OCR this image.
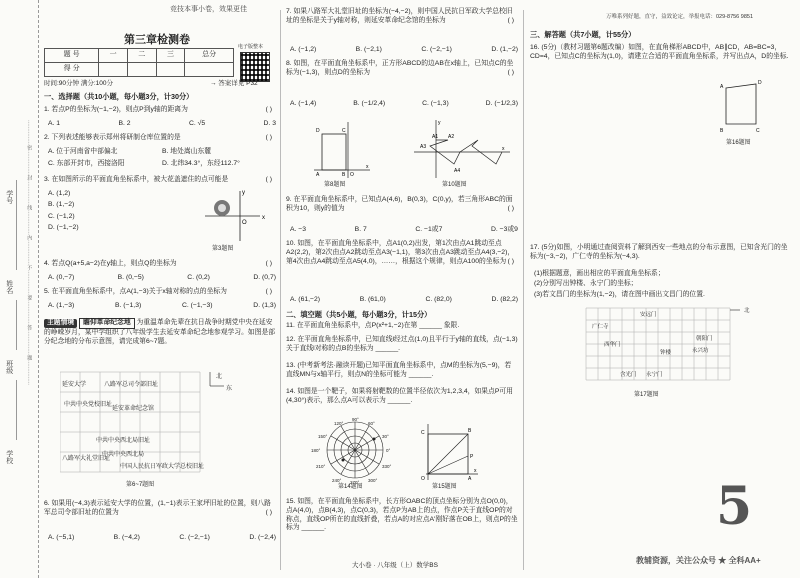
学号
姓名
班级
学校
……………密……………封……………线……………内……………不……………要……………答……………题……………
竞技本事小卷，效果更佳
第三章检测卷
题 号	一	二	三	总分
得 分				
电子版整本
时间:90分钟 满分:100分	→ 答案详见 P32
一、选择题（共10小题，每小题3分，计30分）
1. 若点P的坐标为(−1,−2)，则点P到y轴的距离为	( )
A. 1	B. 2	C. √5	D. 3
2. 下列表述能够表示郑州将研制仓库位置的是	( )
A. 位于河南省中部偏北	B. 地处嵩山东麓
C. 东部开封市，西接洛阳	D. 北纬34.3°，东经112.7°
3. 在如图所示的平面直角坐标系中，被大花盖遮住的点可能是	( )
A. (1,2)
B. (1,−2)
C. (−1,2)
D. (−1,−2)
x
y
O
第3题图
4. 若点Q(a+5,a−2)在y轴上，则点Q的坐标为	( )
A. (0,−7)	B. (0,−5)	C. (0,2)	D. (0,7)
5. 在平面直角坐标系中，点A(1,−3)关于x轴对称的点的坐标为	( )
A. (1,−3)	B. (−1,3)	C. (−1,−3)	D. (1,3)
主题情境 瞻仰革命纪念地 为重温革命先辈在抗日战争时期党中央在延安的峥嵘岁月，某中学组织了八年级学生去延安革命纪念地参观学习。如图是部分纪念地的分布示意图，请完成第6~7题。
延安大学	八路军总司令部旧址
中共中央党校旧址
延安革命纪念馆
中共中央西北局旧址
八路军大礼堂旧址
中共中央西北局
中国人民抗日军政大学总校旧址
北
东
第6~7题图
6. 如果用(−4,3)表示延安大学的位置，(1,−1)表示王家坪旧址的位置，则八路军总司令部旧址的位置为	( )
A. (−5,1)	B. (−4,2)	C. (−2,−1)	D. (−2,4)
7. 如果八路军大礼堂旧址的坐标为(−4,−2)，则中国人民抗日军政大学总校旧址的坐标是关于y轴对称，则延安革命纪念馆的坐标为	( )
A. (−1,2)	B. (−2,1)	C. (−2,−1)	D. (1,−2)
8. 如图，在平面直角坐标系中，正方形ABCD的边AB在x轴上，已知点C的坐标为(−1,3)，则点D的坐标为	( )
A. (−1,4)	B. (−1/2,4)	C. (−1,3)	D. (−1/2,3)
D	C
A	B O
x
第8题图
A1 A2
A3
A4
x
y
第10题图
9. 在平面直角坐标系中，已知点A(4,6)，B(0,3)，C(0,y)，若三角形ABC的面积为10，则y的值为	( )
A. −3	B. 7	C. −1或7	D. −3或9
10. 如图，在平面直角坐标系中，点A1(0,2)出发，第1次由点A1跳动至点A2(2,2)，第2次由点A2跳动至点A3(−1,1)，第3次由点A3跳动至点A4(3,−2)，第4次由点A4跳动至点A5(4,0)，……，根据这个规律，则点A100的坐标为 ( )
A. (61,−2)	B. (61,0)	C. (82,0)	D. (82,2)
二、填空题（共5小题，每小题3分，计15分）
11. 在平面直角坐标系中，点P(x²+1,−2)在第 ______ 象限.
12. 在平面直角坐标系中，已知直线l经过点(1,0)且平行于y轴的直线，点(−1,3)关于直线l对称的点B的坐标为 ______.
13. (中考新考法·融读开题)已知平面直角坐标系中，点M的坐标为(5,−9)，若直线MN与x轴平行，则点N的坐标可能为 ______.
14. 如图是一个靶子，如果将射靶数的位置半径依次为1,2,3,4，如果点P可用(4,30°)表示，那么点A可以表示为 ______.
120°
90°
60°
150°	30°
180°	0°
210°	330°
240° 270° 300°
第14题图
C	B
O	A
P
x
第15题图
15. 如图，在平面直角坐标系中，长方形OABC的顶点坐标分别为点O(0,0)，点A(4,0)，点B(4,3)，点C(0,3)，若点P为AB上的点，作点P关于直线OP的对称点，直线OP所在的直线折叠，若点A的对应点A'刚好落在OB上，则点P的坐标为 ______.
大小卷 · 八年级（上）数学BS
万唯系列好题，直守，益效论定，举报电话：029-8756 9851
三、解答题（共7小题，计55分）
16. (5分)（教材习题第6题改编）如图，在直角梯形ABCD中，AB∥CD，AB=BC=3，CD=4，已知点C的坐标为(1,0)，请建立合适的平面直角坐标系，并写出点A，D的坐标.
A
D
B	C
第16题图
17. (5分)如图，小明通过查阅资料了解到西安一些地点的分布示意图，已知含光门的坐标为(−3,−2)，广仁寺的坐标为(−4,3).
(1)根据题意，画出相应的平面直角坐标系；
(2)分别写出钟楼、永宁门的坐标；
(3)若文昌门的坐标为(1,−2)，请在图中画出文昌门的位置.
安远门
广仁寺
西华门
钟楼
朝阳门
永兴坊
含光门 永宁门
北
第17题图
5
教辅资源，关注公众号 ★ 全科AA+
